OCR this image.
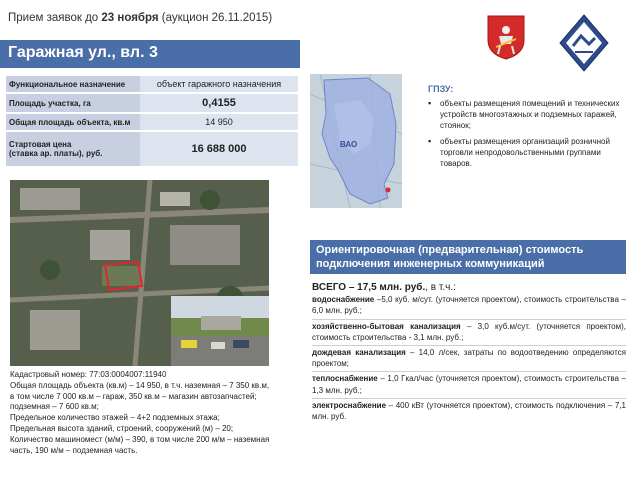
Прием заявок до 23 ноября (аукцион 26.11.2015)
Гаражная ул., вл. 3
Функциональное назначение	объект гаражного назначения
Площадь участка, га	0,4155
Общая площадь объекта, кв.м	14 950

Стартовая цена
(ставка ар. платы), руб.	16 688 000	ВАО
ГПЗУ:
▪ объекты размещения помещений и технических устройств многоэтажных и подземных гаражей, стоянок;
▪ объекты размещения организаций розничной торговли непродовольственными группами товаров.
Кадастровый номер: 77:03:0004007:11940
Общая площадь объекта (кв.м) – 14 950, в т.ч. наземная – 7 350 кв.м,
в том числе 7 000 кв.м – гараж, 350 кв.м – магазин автозапчастей;
подземная – 7 600 кв.м;
Предельное количество этажей – 4+2 подземных этажа;
Предельная высота зданий, строений, сооружений (м) – 20;
Количество машиномест (м/м) – 390, в том числе 200 м/м – наземная
часть, 190 м/м – подземная часть.
Ориентировочная (предварительная) стоимость
подключения инженерных коммуникаций
ВСЕГО – 17,5 млн. руб., в т.ч.:

водоснабжение –5,0 куб. м/сут. (уточняется проектом), стоимость строительства – 6,0 млн. руб.;

хозяйственно-бытовая канализация – 3,0 куб.м/сут. (уточняется проектом), стоимость строительства - 3,1 млн. руб.;

дождевая канализация – 14,0 л/сек, затраты по водоотведению определяются проектом;

теплоснабжение – 1,0 Гкал/час (уточняется проектом), стоимость строительства – 1,3 млн. руб.;

электроснабжение – 400 кВт (уточняется проектом), стоимость подключения – 7,1 млн. руб.
